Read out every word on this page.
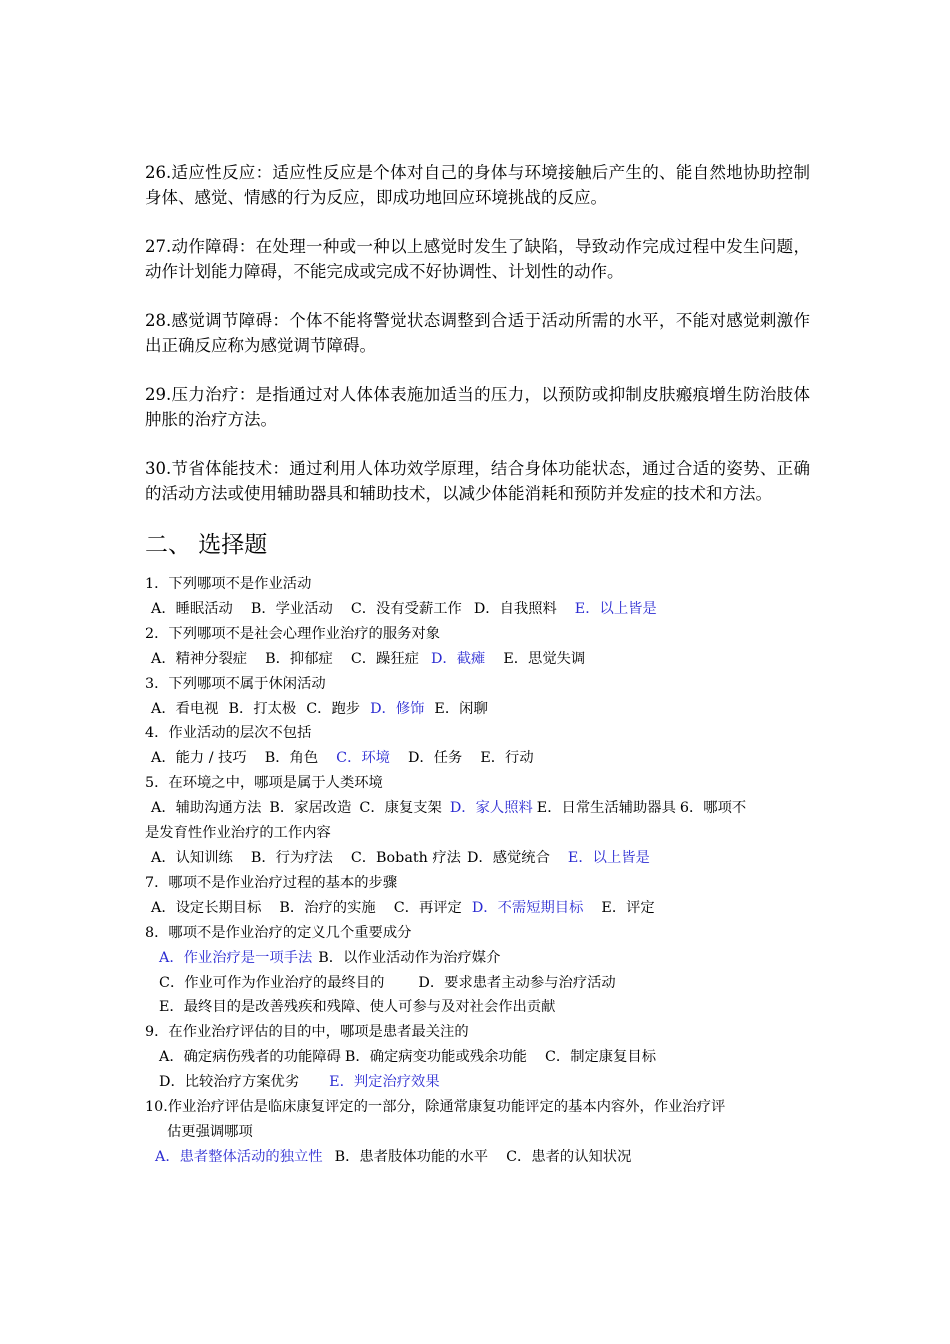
26.适应性反应：适应性反应是个体对自己的身体与环境接触后产生的、能自然地协助控制身体、感觉、情感的行为反应，即成功地回应环境挑战的反应。

27.动作障碍：在处理一种或一种以上感觉时发生了缺陷，导致动作完成过程中发生问题，动作计划能力障碍，不能完成或完成不好协调性、计划性的动作。

28.感觉调节障碍：个体不能将警觉状态调整到合适于活动所需的水平，不能对感觉刺激作出正确反应称为感觉调节障碍。

29.压力治疗：是指通过对人体体表施加适当的压力，以预防或抑制皮肤瘢痕增生防治肢体肿胀的治疗方法。

30.节省体能技术：通过利用人体功效学原理，结合身体功能状态，通过合适的姿势、正确的活动方法或使用辅助器具和辅助技术，以减少体能消耗和预防并发症的技术和方法。

二、 选择题

1．下列哪项不是作业活动

A．睡眠活动 B．学业活动 C．没有受薪工作 D．自我照料 E．以上皆是

2．下列哪项不是社会心理作业治疗的服务对象

A．精神分裂症 B．抑郁症 C．躁狂症 D．截瘫 E．思觉失调

3．下列哪项不属于休闲活动

A．看电视 B．打太极 C．跑步 D．修饰 E．闲聊

4．作业活动的层次不包括

A．能力 / 技巧 B．角色 C．环境 D．任务 E．行动

5．在环境之中，哪项是属于人类环境

A．辅助沟通方法 B．家居改造 C．康复支架 D．家人照料 E．日常生活辅助器具 6．哪项不

是发育性作业治疗的工作内容

A．认知训练 B．行为疗法 C．Bobath 疗法 D．感觉统合 E．以上皆是

7．哪项不是作业治疗过程的基本的步骤

A．设定长期目标 B．治疗的实施 C．再评定 D．不需短期目标 E．评定

8．哪项不是作业治疗的定义几个重要成分

A．作业治疗是一项手法 B．以作业活动作为治疗媒介

C．作业可作为作业治疗的最终目的 D．要求患者主动参与治疗活动

E．最终目的是改善残疾和残障、使人可参与及对社会作出贡献

9．在作业治疗评估的目的中，哪项是患者最关注的

A．确定病伤残者的功能障碍 B．确定病变功能或残余功能 C．制定康复目标

D．比较治疗方案优劣 E．判定治疗效果

10.作业治疗评估是临床康复评定的一部分，除通常康复功能评定的基本内容外，作业治疗评

估更强调哪项

A．患者整体活动的独立性 B．患者肢体功能的水平 C．患者的认知状况
